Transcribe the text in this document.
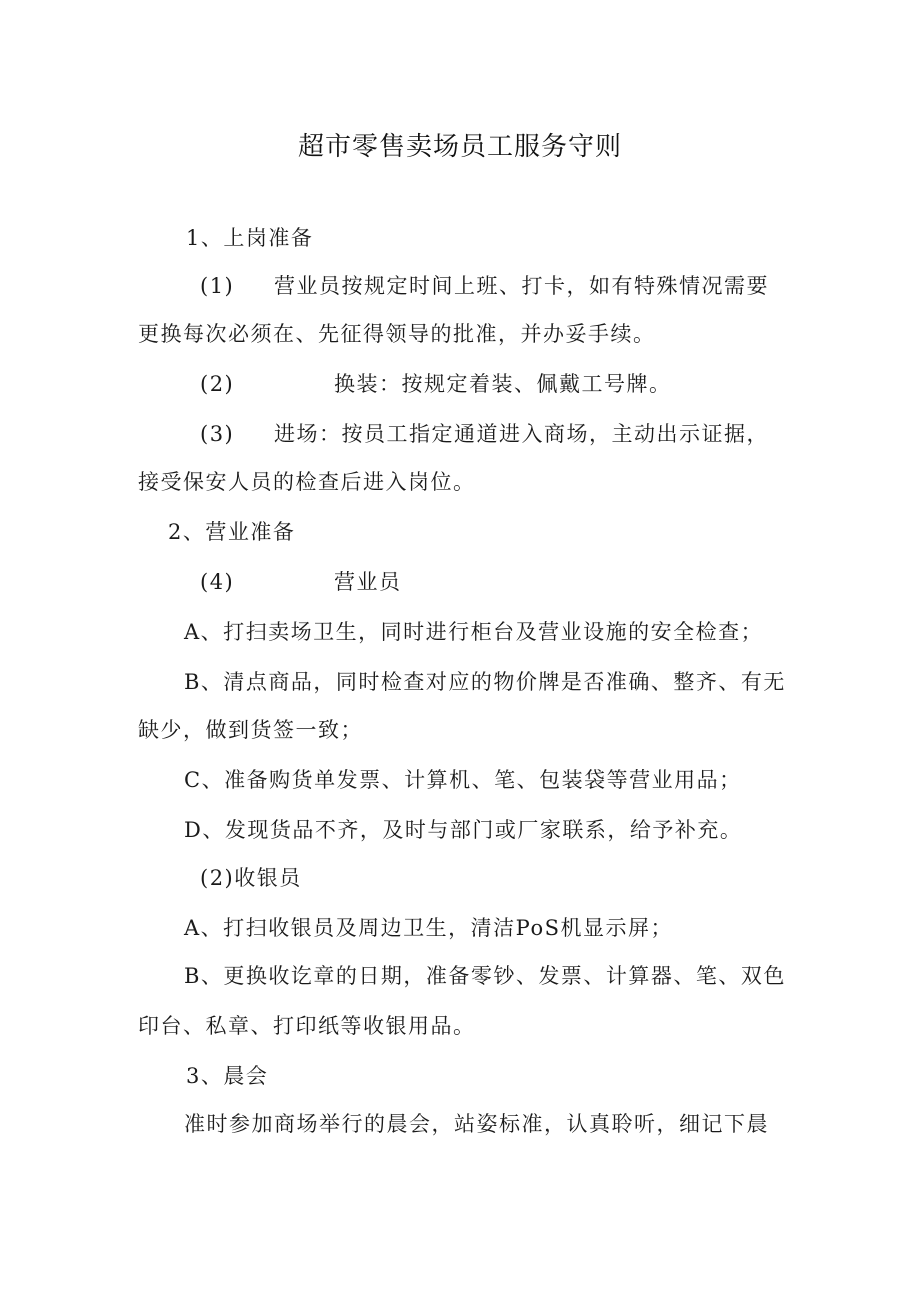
超市零售卖场员工服务守则
1、上岗准备
(1) 营业员按规定时间上班、打卡，如有特殊情况需要
更换每次必须在、先征得领导的批准，并办妥手续。
(2)	换装：按规定着装、佩戴工号牌。
(3) 进场：按员工指定通道进入商场，主动出示证据，
接受保安人员的检查后进入岗位。
2、营业准备
(4)	营业员
A、打扫卖场卫生，同时进行柜台及营业设施的安全检查；
B、清点商品，同时检查对应的物价牌是否准确、整齐、有无
缺少，做到货签一致；
C、准备购货单发票、计算机、笔、包装袋等营业用品；
D、发现货品不齐，及时与部门或厂家联系，给予补充。
(2)收银员
A、打扫收银员及周边卫生，清洁PoS机显示屏；
B、更换收讫章的日期，准备零钞、发票、计算器、笔、双色
印台、私章、打印纸等收银用品。
3、晨会
准时参加商场举行的晨会，站姿标准，认真聆听，细记下晨
